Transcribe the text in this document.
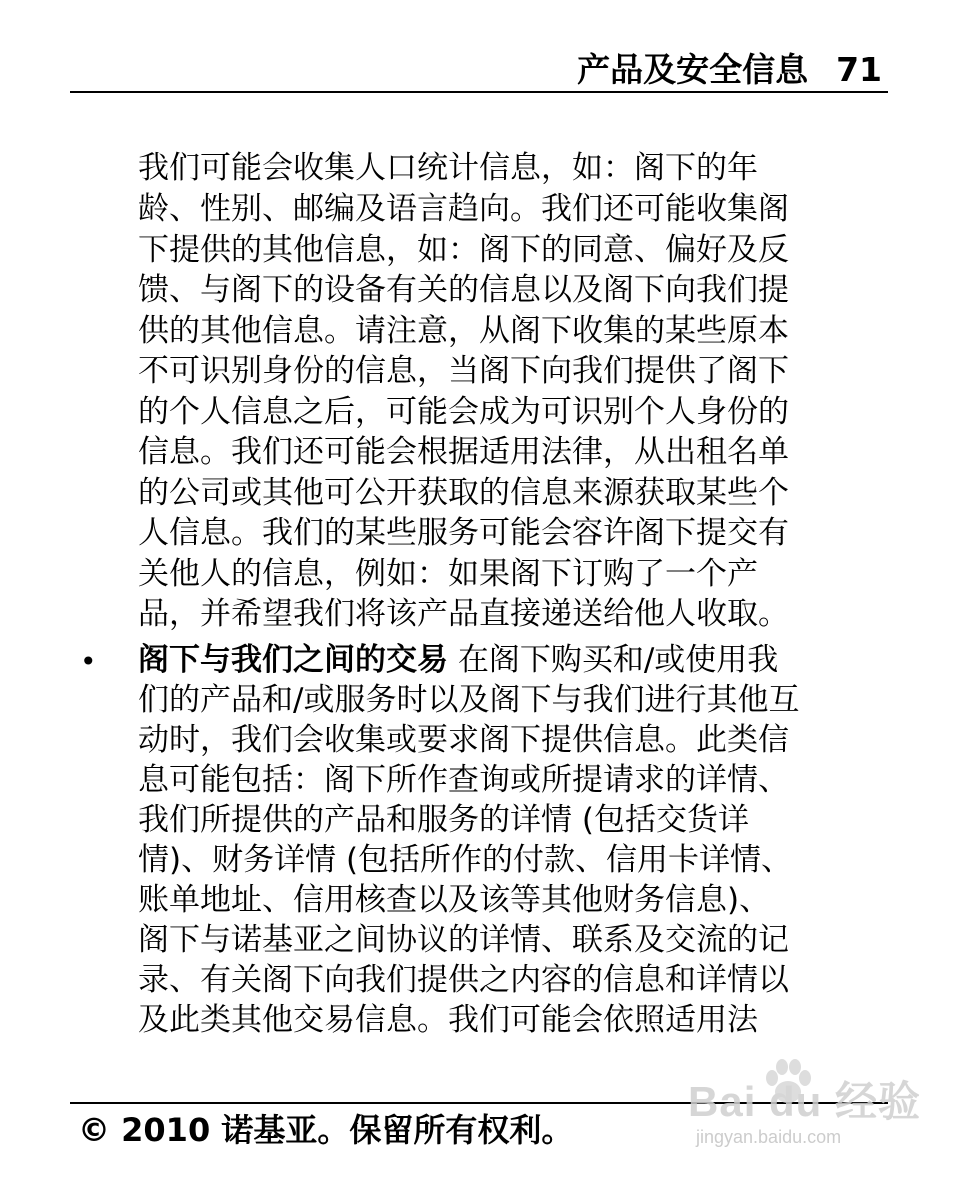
产品及安全信息 71
我们可能会收集人口统计信息，如：阁下的年
龄、性别、邮编及语言趋向。我们还可能收集阁
下提供的其他信息，如：阁下的同意、偏好及反
馈、与阁下的设备有关的信息以及阁下向我们提
供的其他信息。请注意，从阁下收集的某些原本
不可识别身份的信息，当阁下向我们提供了阁下
的个人信息之后，可能会成为可识别个人身份的
信息。我们还可能会根据适用法律，从出租名单
的公司或其他可公开获取的信息来源获取某些个
人信息。我们的某些服务可能会容许阁下提交有
关他人的信息，例如：如果阁下订购了一个产
品，并希望我们将该产品直接递送给他人收取。
• 阁下与我们之间的交易 在阁下购买和/或使用我
们的产品和/或服务时以及阁下与我们进行其他互
动时，我们会收集或要求阁下提供信息。此类信
息可能包括：阁下所作查询或所提请求的详情、
我们所提供的产品和服务的详情 (包括交货详
情)、财务详情 (包括所作的付款、信用卡详情、
账单地址、信用核查以及该等其他财务信息)、
阁下与诺基亚之间协议的详情、联系及交流的记
录、有关阁下向我们提供之内容的信息和详情以
及此类其他交易信息。我们可能会依照适用法
© 2010 诺基亚。保留所有权利。
Bai du 经验
jingyan.baidu.com
